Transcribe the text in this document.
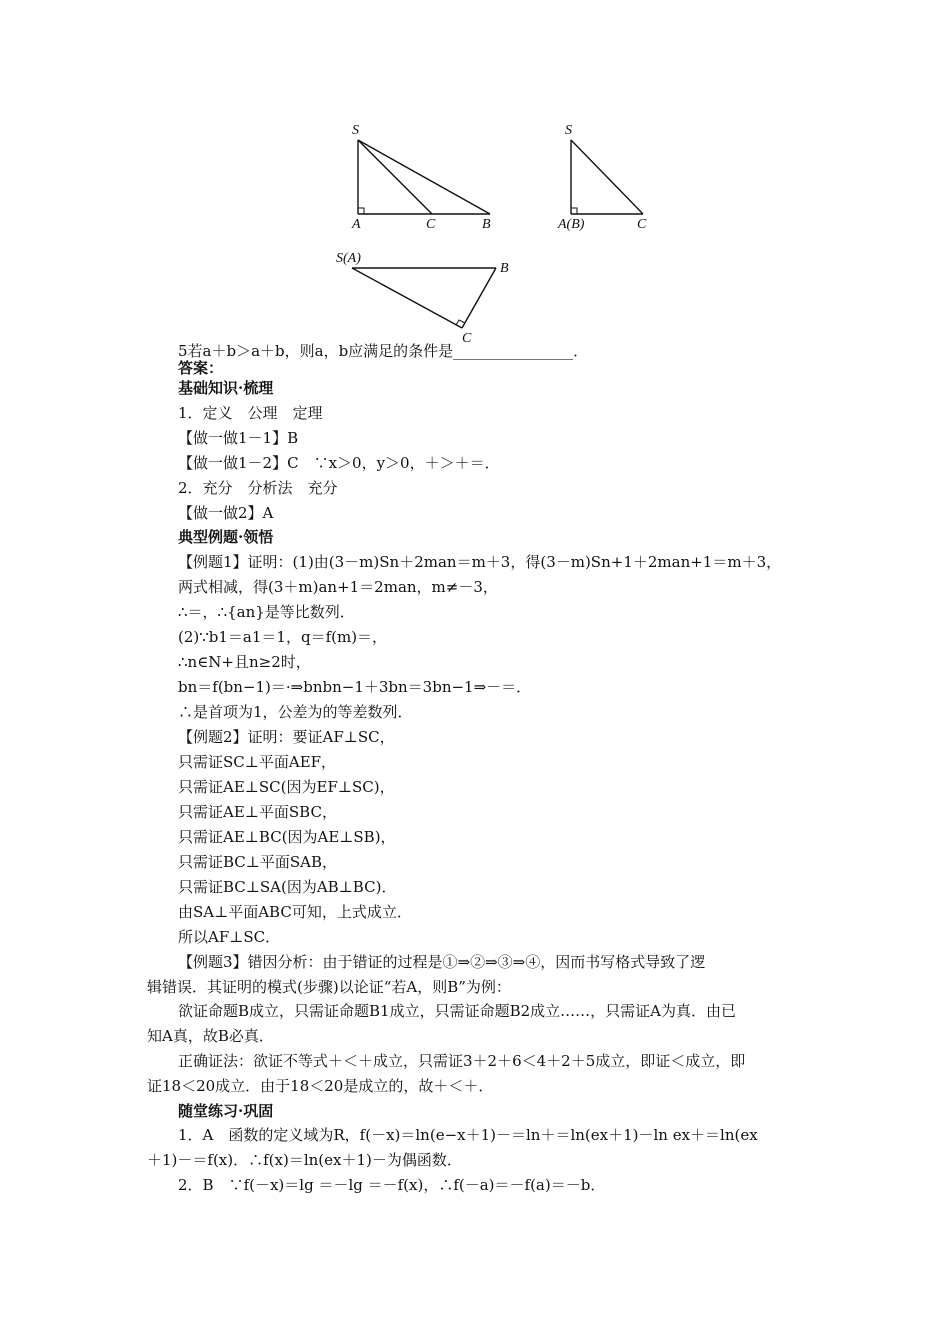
S
A	C	B
S
A(B)	C
S(A)
B
C
5若a＋b＞a＋b，则a，b应满足的条件是________________．
答案：
基础知识·梳理
1．定义　公理　定理
【做一做1－1】B
【做一做1－2】C　∵x＞0，y＞0，＋＞＋＝．
2．充分　分析法　充分
【做一做2】A
典型例题·领悟
【例题1】证明：(1)由(3－m)Sn＋2man＝m＋3，得(3－m)Sn+1＋2man+1＝m＋3，
两式相减，得(3＋m)an+1＝2man，m≠－3，
∴＝，∴{an}是等比数列．
(2)∵b1＝a1＝1，q＝f(m)＝，
∴n∈N+且n≥2时，
bn＝f(bn−1)＝·⇒bnbn−1＋3bn＝3bn−1⇒－＝．
∴是首项为1，公差为的等差数列．
【例题2】证明：要证AF⊥SC，
只需证SC⊥平面AEF，
只需证AE⊥SC(因为EF⊥SC)，
只需证AE⊥平面SBC，
只需证AE⊥BC(因为AE⊥SB)，
只需证BC⊥平面SAB，
只需证BC⊥SA(因为AB⊥BC)．
由SA⊥平面ABC可知，上式成立．
所以AF⊥SC．
【例题3】错因分析：由于错证的过程是①⇒②⇒③⇒④，因而书写格式导致了逻
辑错误．其证明的模式(步骤)以论证“若A，则B”为例：
欲证命题B成立，只需证命题B1成立，只需证命题B2成立……，只需证A为真．由已
知A真，故B必真．
正确证法：欲证不等式＋＜＋成立，只需证3＋2＋6＜4＋2＋5成立，即证＜成立，即
证18＜20成立．由于18＜20是成立的，故＋＜＋．
随堂练习·巩固
1．A　函数的定义域为R，f(－x)＝ln(e−x＋1)－＝ln＋＝ln(ex＋1)－ln ex＋＝ln(ex
＋1)－＝f(x)．∴f(x)＝ln(ex＋1)－为偶函数．
2．B　∵f(－x)＝lg ＝－lg ＝－f(x)，∴f(－a)＝－f(a)＝－b．
